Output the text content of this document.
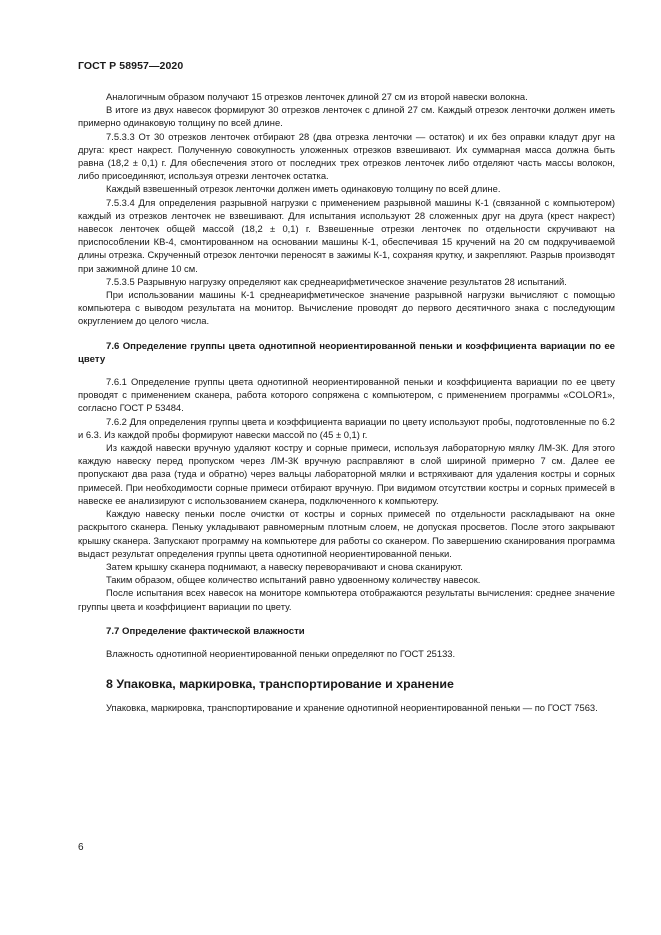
ГОСТ Р 58957—2020

Аналогичным образом получают 15 отрезков ленточек длиной 27 см из второй навески волокна.

В итоге из двух навесок формируют 30 отрезков ленточек с длиной 27 см. Каждый отрезок ленточки должен иметь примерно одинаковую толщину по всей длине.

7.5.3.3 От 30 отрезков ленточек отбирают 28 (два отрезка ленточки — остаток) и их без оправки кладут друг на друга: крест накрест. Полученную совокупность уложенных отрезков взвешивают. Их суммарная масса должна быть равна (18,2 ± 0,1) г. Для обеспечения этого от последних трех отрезков ленточек либо отделяют часть массы волокон, либо присоединяют, используя отрезки ленточек остатка.

Каждый взвешенный отрезок ленточки должен иметь одинаковую толщину по всей длине.

7.5.3.4 Для определения разрывной нагрузки с применением разрывной машины К-1 (связанной с компьютером) каждый из отрезков ленточек не взвешивают. Для испытания используют 28 сложенных друг на друга (крест накрест) навесок ленточек общей массой (18,2 ± 0,1) г. Взвешенные отрезки ленточек по отдельности скручивают на приспособлении КВ-4, смонтированном на основании машины К-1, обеспечивая 15 кручений на 20 см подкручиваемой длины отрезка. Скрученный отрезок ленточки переносят в зажимы К-1, сохраняя крутку, и закрепляют. Разрыв производят при зажимной длине 10 см.

7.5.3.5 Разрывную нагрузку определяют как среднеарифметическое значение результатов 28 испытаний.

При использовании машины К-1 среднеарифметическое значение разрывной нагрузки вычисляют с помощью компьютера с выводом результата на монитор. Вычисление проводят до первого десятичного знака с последующим округлением до целого числа.

7.6 Определение группы цвета однотипной неориентированной пеньки и коэффициента вариации по ее цвету

7.6.1 Определение группы цвета однотипной неориентированной пеньки и коэффициента вариации по ее цвету проводят с применением сканера, работа которого сопряжена с компьютером, с применением программы «COLOR1», согласно ГОСТ Р 53484.

7.6.2 Для определения группы цвета и коэффициента вариации по цвету используют пробы, подготовленные по 6.2 и 6.3. Из каждой пробы формируют навески массой по (45 ± 0,1) г.

Из каждой навески вручную удаляют костру и сорные примеси, используя лабораторную мялку ЛМ-3К. Для этого каждую навеску перед пропуском через ЛМ-3К вручную расправляют в слой шириной примерно 7 см. Далее ее пропускают два раза (туда и обратно) через вальцы лабораторной мялки и встряхивают для удаления костры и сорных примесей. При необходимости сорные примеси отбирают вручную. При видимом отсутствии костры и сорных примесей в навеске ее анализируют с использованием сканера, подключенного к компьютеру.

Каждую навеску пеньки после очистки от костры и сорных примесей по отдельности раскладывают на окне раскрытого сканера. Пеньку укладывают равномерным плотным слоем, не допуская просветов. После этого закрывают крышку сканера. Запускают программу на компьютере для работы со сканером. По завершению сканирования программа выдаст результат определения группы цвета однотипной неориентированной пеньки.

Затем крышку сканера поднимают, а навеску переворачивают и снова сканируют.

Таким образом, общее количество испытаний равно удвоенному количеству навесок.

После испытания всех навесок на мониторе компьютера отображаются результаты вычисления: среднее значение группы цвета и коэффициент вариации по цвету.

7.7 Определение фактической влажности

Влажность однотипной неориентированной пеньки определяют по ГОСТ 25133.

8 Упаковка, маркировка, транспортирование и хранение

Упаковка, маркировка, транспортирование и хранение однотипной неориентированной пеньки — по ГОСТ 7563.

6
